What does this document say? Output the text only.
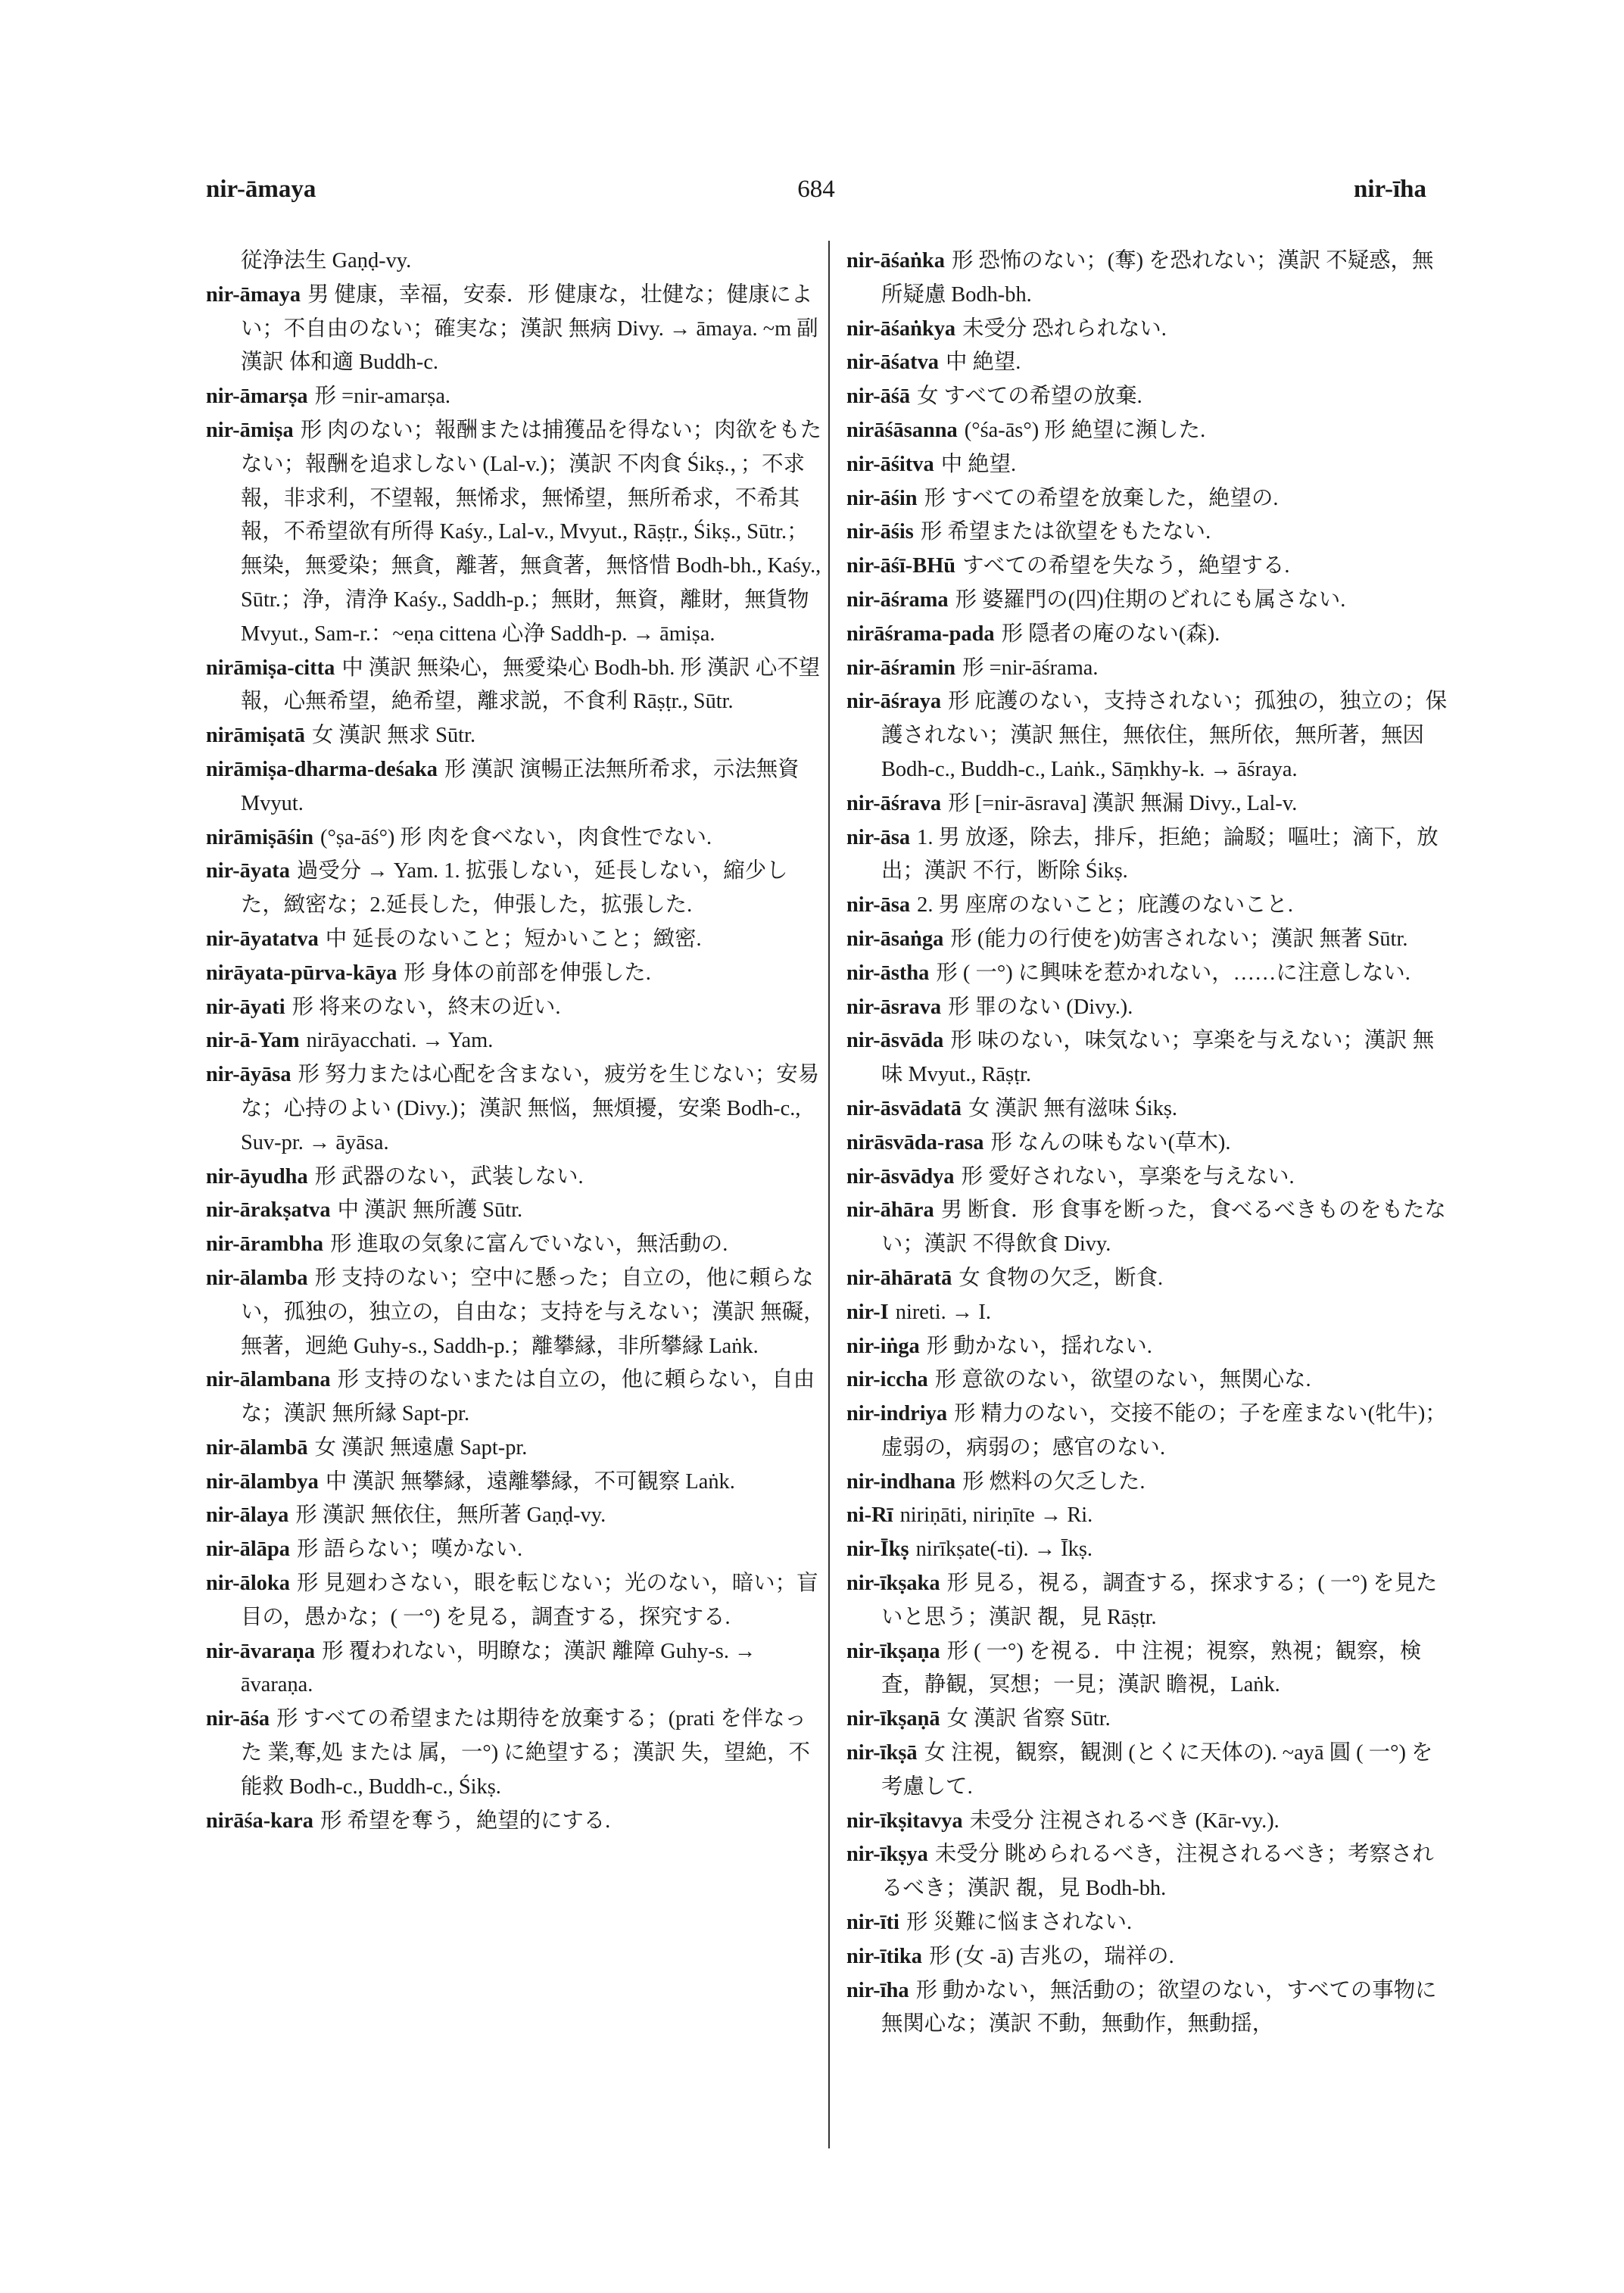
nir-āmaya	684	nir-īha

従浄法生 Gaṇḍ-vy.

nir-āmaya 男 健康，幸福，安泰．形 健康な，壮健な；健康によい；不自由のない；確実な；漢訳 無病 Divy. → āmaya. ~m 副 漢訳 体和適 Buddh-c.

nir-āmarṣa 形 =nir-amarṣa.

nir-āmiṣa 形 肉のない；報酬または捕獲品を得ない；肉欲をもたない；報酬を追求しない (Lal-v.)；漢訳 不肉食 Śikṣ.，；不求報，非求利，不望報，無悕求，無悕望，無所希求，不希其報，不希望欲有所得 Kaśy., Lal-v., Mvyut., Rāṣṭr., Śikṣ., Sūtr.；無染，無愛染；無貪，離著，無貪著，無悋惜 Bodh-bh., Kaśy., Sūtr.；浄，清浄 Kaśy., Saddh-p.；無財，無資，離財，無貨物 Mvyut., Sam-r.：~eṇa cittena 心浄 Saddh-p. → āmiṣa.

nirāmiṣa-citta 中 漢訳 無染心，無愛染心 Bodh-bh. 形 漢訳 心不望報，心無希望，絶希望，離求説，不食利 Rāṣṭr., Sūtr.

nirāmiṣatā 女 漢訳 無求 Sūtr.

nirāmiṣa-dharma-deśaka 形 漢訳 演暢正法無所希求，示法無資 Mvyut.

nirāmiṣāśin (°ṣa-āś°) 形 肉を食べない，肉食性でない.

nir-āyata 過受分 → Yam. 1. 拡張しない，延長しない，縮少した，緻密な；2.延長した，伸張した，拡張した.

nir-āyatatva 中 延長のないこと；短かいこと；緻密.

nirāyata-pūrva-kāya 形 身体の前部を伸張した.

nir-āyati 形 将来のない，終末の近い.

nir-ā-Yam nirāyacchati. → Yam.

nir-āyāsa 形 努力または心配を含まない，疲労を生じない；安易な；心持のよい (Divy.)；漢訳 無悩，無煩擾，安楽 Bodh-c., Suv-pr. → āyāsa.

nir-āyudha 形 武器のない，武装しない.

nir-ārakṣatva 中 漢訳 無所護 Sūtr.

nir-ārambha 形 進取の気象に富んでいない，無活動の.

nir-ālamba 形 支持のない；空中に懸った；自立の，他に頼らない，孤独の，独立の，自由な；支持を与えない；漢訳 無礙，無著，迥絶 Guhy-s., Saddh-p.；離攀縁，非所攀縁 Laṅk.

nir-ālambana 形 支持のないまたは自立の，他に頼らない，自由な；漢訳 無所縁 Sapt-pr.

nir-ālambā 女 漢訳 無遠慮 Sapt-pr.

nir-ālambya 中 漢訳 無攀縁，遠離攀縁，不可観察 Laṅk.

nir-ālaya 形 漢訳 無依住，無所著 Gaṇḍ-vy.

nir-ālāpa 形 語らない；嘆かない.

nir-āloka 形 見廻わさない，眼を転じない；光のない，暗い；盲目の，愚かな；( 一°) を見る，調査する，探究する.

nir-āvaraṇa 形 覆われない，明瞭な；漢訳 離障 Guhy-s. → āvaraṇa.

nir-āśa 形 すべての希望または期待を放棄する；(prati を伴なった 業,奪,処 または 属，一°) に絶望する；漢訳 失，望絶，不能救 Bodh-c., Buddh-c., Śikṣ.

nirāśa-kara 形 希望を奪う，絶望的にする.

nir-āśaṅka 形 恐怖のない；(奪) を恐れない；漢訳 不疑惑，無所疑慮 Bodh-bh.

nir-āśaṅkya 未受分 恐れられない.

nir-āśatva 中 絶望.

nir-āśā 女 すべての希望の放棄.

nirāśāsanna (°śa-ās°) 形 絶望に瀕した.

nir-āśitva 中 絶望.

nir-āśin 形 すべての希望を放棄した，絶望の.

nir-āśis 形 希望または欲望をもたない.

nir-āśī-BHū すべての希望を失なう，絶望する.

nir-āśrama 形 婆羅門の(四)住期のどれにも属さない.

nirāśrama-pada 形 隠者の庵のない(森).

nir-āśramin 形 =nir-āśrama.

nir-āśraya 形 庇護のない，支持されない；孤独の，独立の；保護されない；漢訳 無住，無依住，無所依，無所著，無因 Bodh-c., Buddh-c., Laṅk., Sāṃkhy-k. → āśraya.

nir-āśrava 形 [=nir-āsrava] 漢訳 無漏 Divy., Lal-v.

nir-āsa 1. 男 放逐，除去，排斥，拒絶；論駁；嘔吐；滴下，放出；漢訳 不行，断除 Śikṣ.

nir-āsa 2. 男 座席のないこと；庇護のないこと.

nir-āsaṅga 形 (能力の行使を)妨害されない；漢訳 無著 Sūtr.

nir-āstha 形 ( 一°) に興味を惹かれない，……に注意しない.

nir-āsrava 形 罪のない (Divy.).

nir-āsvāda 形 味のない，味気ない；享楽を与えない；漢訳 無味 Mvyut., Rāṣṭr.

nir-āsvādatā 女 漢訳 無有滋味 Śikṣ.

nirāsvāda-rasa 形 なんの味もない(草木).

nir-āsvādya 形 愛好されない，享楽を与えない.

nir-āhāra 男 断食．形 食事を断った，食べるべきものをもたない；漢訳 不得飲食 Divy.

nir-āhāratā 女 食物の欠乏，断食.

nir-I nireti. → I.

nir-iṅga 形 動かない，揺れない.

nir-iccha 形 意欲のない，欲望のない，無関心な.

nir-indriya 形 精力のない，交接不能の；子を産まない(牝牛)；虚弱の，病弱の；感官のない.

nir-indhana 形 燃料の欠乏した.

ni-Rī niriṇāti, niriṇīte → Ri.

nir-Īkṣ nirīkṣate(-ti). → Īkṣ.

nir-īkṣaka 形 見る，視る，調査する，探求する；( 一°) を見たいと思う；漢訳 覩，見 Rāṣṭr.

nir-īkṣaṇa 形 ( 一°) を視る．中 注視；視察，熟視；観察，検査，静観，冥想；一見；漢訳 瞻視，Laṅk.

nir-īkṣaṇā 女 漢訳 省察 Sūtr.

nir-īkṣā 女 注視，観察，観測 (とくに天体の). ~ayā 圓 ( 一°) を考慮して.

nir-īkṣitavya 未受分 注視されるべき (Kār-vy.).

nir-īkṣya 未受分 眺められるべき，注視されるべき；考察されるべき；漢訳 覩，見 Bodh-bh.

nir-īti 形 災難に悩まされない.

nir-ītika 形 (女 -ā) 吉兆の，瑞祥の.

nir-īha 形 動かない，無活動の；欲望のない，すべての事物に無関心な；漢訳 不動，無動作，無動揺，
